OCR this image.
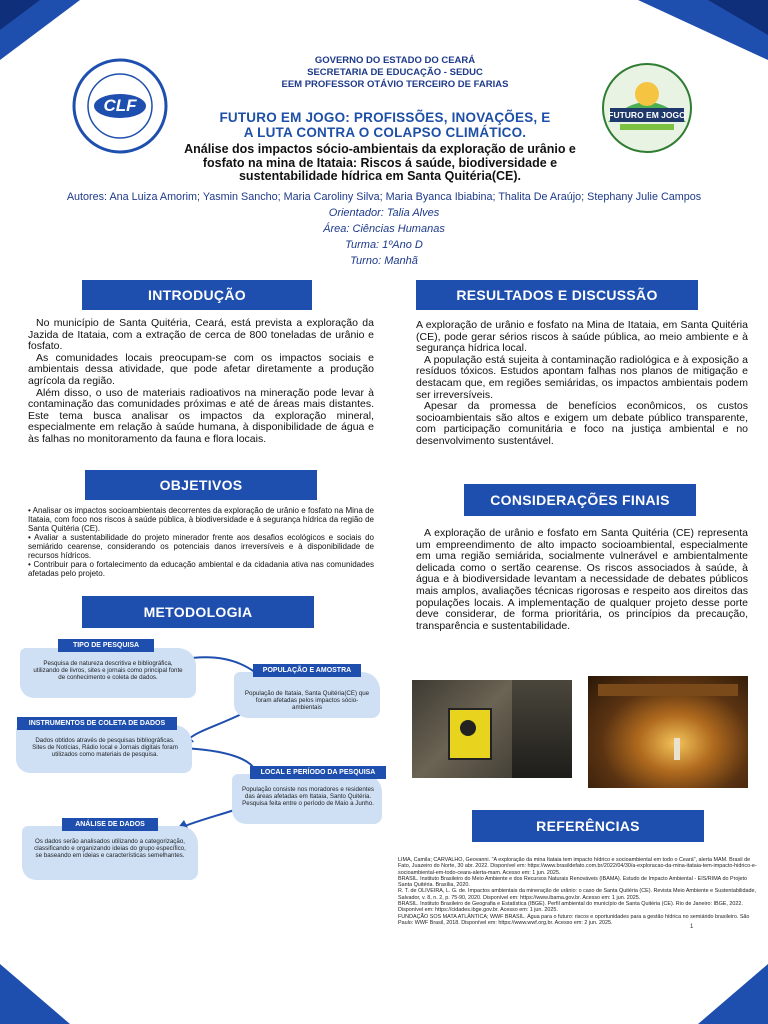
CLF	FUTURO EM JOGO
GOVERNO DO ESTADO DO CEARÁ
SECRETARIA DE EDUCAÇÃO - SEDUC
EEM PROFESSOR OTÁVIO TERCEIRO DE FARIAS
FUTURO EM JOGO: PROFISSÕES, INOVAÇÕES, E
A LUTA CONTRA O COLAPSO CLIMÁTICO.
Análise dos impactos sócio-ambientais da exploração de urânio e
fosfato na mina de Itataia: Riscos á saúde, biodiversidade e
sustentabilidade hídrica em Santa Quitéria(CE).
Autores: Ana Luiza Amorim; Yasmin Sancho; Maria Caroliny Silva; Maria Byanca Ibiabina; Thalita De Araújo; Stephany Julie Campos
Orientador: Talia Alves
Área: Ciências Humanas
Turma: 1ºAno D
Turno: Manhã
INTRODUÇÃO

No município de Santa Quitéria, Ceará, está prevista a exploração da Jazida de Itataia, com a extração de cerca de 800 toneladas de urânio e fosfato.

As comunidades locais preocupam-se com os impactos sociais e ambientais dessa atividade, que pode afetar diretamente a produção agrícola da região.

Além disso, o uso de materiais radioativos na mineração pode levar à contaminação das comunidades próximas e até de áreas mais distantes. Este tema busca analisar os impactos da exploração mineral, especialmente em relação à saúde humana, à disponibilidade de água e às falhas no monitoramento da fauna e flora locais.

OBJETIVOS

• Analisar os impactos socioambientais decorrentes da exploração de urânio e fosfato na Mina de Itataia, com foco nos riscos à saúde pública, à biodiversidade e à segurança hídrica da região de Santa Quitéria (CE).

• Avaliar a sustentabilidade do projeto minerador frente aos desafios ecológicos e sociais do semiárido cearense, considerando os potenciais danos irreversíveis e à disponibilidade de recursos hídricos.

• Contribuir para o fortalecimento da educação ambiental e da cidadania ativa nas comunidades afetadas pelo projeto.

METODOLOGIA
TIPO DE PESQUISA
Pesquisa de natureza descritiva e bibliográfica, utilizando de livros, sites e jornais como principal fonte de conhecimento e coleta de dados.
POPULAÇÃO E AMOSTRA
População de Itataia, Santa Quitéria(CE) que foram afetadas pelos impactos sócio-ambientais
INSTRUMENTOS DE COLETA DE DADOS
Dados obtidos através de pesquisas bibliográficas. Sites de Notícias, Rádio local e Jornais digitais foram utilizados como materiais de pesquisa.
LOCAL E PERÍODO DA PESQUISA
População consiste nos moradores e residentes das áreas afetadas em Itataia, Santo Quitéria. Pesquisa feita entre o período de Maio a Junho.
ANÁLISE DE DADOS
Os dados serão analisados utilizando a categorização, classificando e organizando ideias do grupo específico, se baseando em ideias e características semelhantes.
RESULTADOS E DISCUSSÃO

A exploração de urânio e fosfato na Mina de Itataia, em Santa Quitéria (CE), pode gerar sérios riscos à saúde pública, ao meio ambiente e à segurança hídrica local.

A população está sujeita à contaminação radiológica e à exposição a resíduos tóxicos. Estudos apontam falhas nos planos de mitigação e destacam que, em regiões semiáridas, os impactos ambientais podem ser irreversíveis.

Apesar da promessa de benefícios econômicos, os custos socioambientais são altos e exigem um debate público transparente, com participação comunitária e foco na justiça ambiental e no desenvolvimento sustentável.

CONSIDERAÇÕES FINAIS

A exploração de urânio e fosfato em Santa Quitéria (CE) representa um empreendimento de alto impacto socioambiental, especialmente em uma região semiárida, socialmente vulnerável e ambientalmente delicada como o sertão cearense. Os riscos associados à saúde, à água e à biodiversidade levantam a necessidade de debates públicos mais amplos, avaliações técnicas rigorosas e respeito aos direitos das populações locais. A implementação de qualquer projeto desse porte deve considerar, de forma prioritária, os princípios da precaução, transparência e sustentabilidade.

REFERÊNCIAS

LIMA, Camila; CARVALHO, Geovanni. "A exploração da mina Itataia tem impacto hídrico e socioambiental em todo o Ceará", alerta MAM. Brasil de Fato, Juazeiro do Norte, 30 abr. 2022. Disponível em: https://www.brasildefato.com.br/2022/04/30/a-exploracao-da-mina-itataia-tem-impacto-hidrico-e-socioambiental-em-todo-ceara-alerta-mam. Acesso em: 1 jun. 2025.

BRASIL. Instituto Brasileiro do Meio Ambiente e dos Recursos Naturais Renováveis (IBAMA). Estudo de Impacto Ambiental - EIS/RIMA do Projeto Santa Quitéria. Brasília, 2020.

R. T. de OLIVEIRA, L. G. de. Impactos ambientais da mineração de urânio: o caso de Santa Quitéria (CE). Revista Meio Ambiente e Sustentabilidade, Salvador, v. 8, n. 2, p. 75-90, 2020. Disponível em: https://www.ibama.gov.br. Acesso em: 1 jun. 2025.

BRASIL. Instituto Brasileiro de Geografia e Estatística (IBGE). Perfil ambiental do município de Santa Quitéria (CE). Rio de Janeiro: IBGE, 2022. Disponível em: https://cidades.ibge.gov.br. Acesso em: 1 jun. 2025.

FUNDAÇÃO SOS MATA ATLÂNTICA; WWF BRASIL. Água para o futuro: riscos e oportunidades para a gestão hídrica no semiárido brasileiro. São Paulo: WWF Brasil, 2018. Disponível em: https://www.wwf.org.br. Acesso em: 2 jun. 2025.

1
